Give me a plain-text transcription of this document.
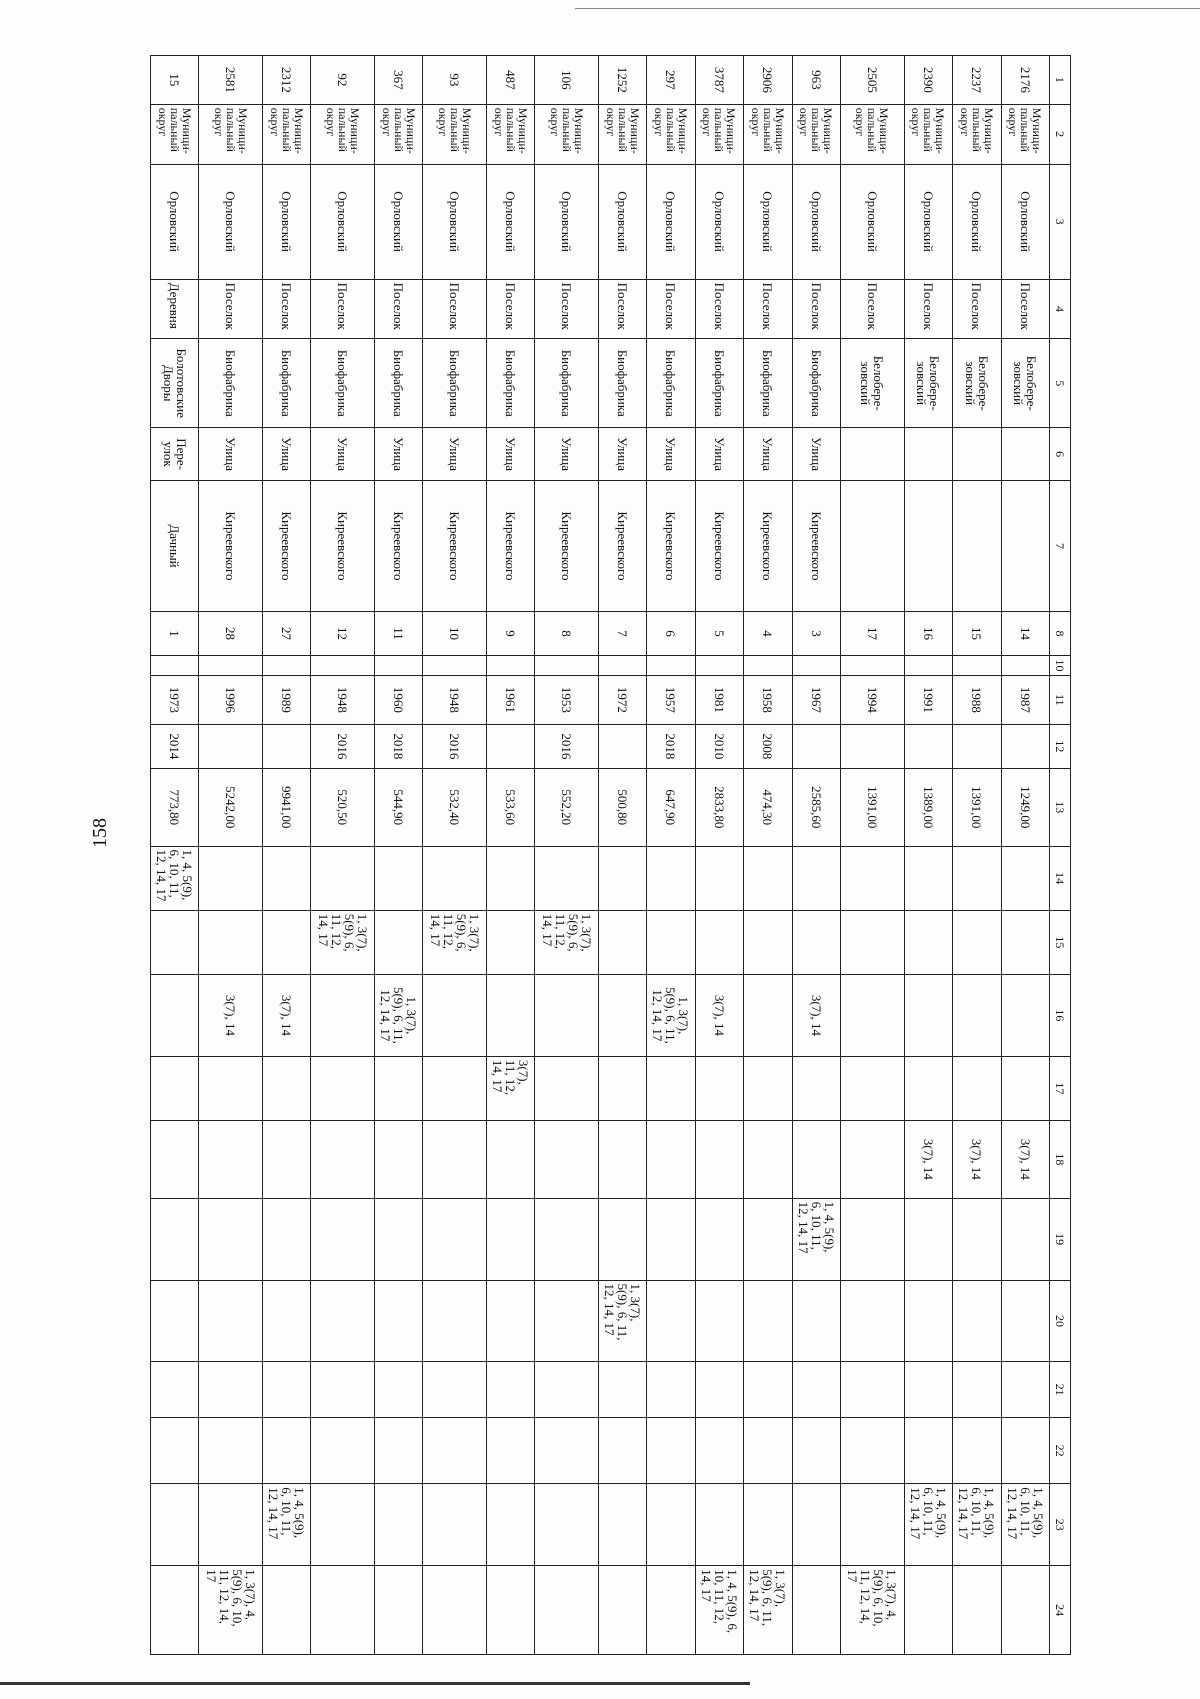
158
1	2	3	4	5	6	7	8	10	11	12	13	14	15	16	17	18	19	20	21	22	23	24
2176	Муници-
пальный
округ	Орловский	Поселок	Белобере-
зовский			14		1987		1249,00					3(7), 14					1, 4, 5(9),
6, 10, 11,
12, 14, 17	
2237	Муници-
пальный
округ	Орловский	Поселок	Белобере-
зовский			15		1988		1391,00					3(7), 14					1, 4, 5(9),
6, 10, 11,
12, 14, 17	
2390	Муници-
пальный
округ	Орловский	Поселок	Белобере-
зовский			16		1991		1389,00					3(7), 14					1, 4, 5(9),
6, 10, 11,
12, 14, 17	
2505	Муници-
пальный
округ	Орловский	Поселок	Белобере-
зовский			17		1994		1391,00											1, 3(7), 4,
5(9), 6, 10,
11, 12, 14,
17
963	Муници-
пальный
округ	Орловский	Поселок	Биофабрика	Улица	Киреевского	3		1967		2585,60			3(7), 14			1, 4, 5(9),
6, 10, 11,
12, 14, 17					
2906	Муници-
пальный
округ	Орловский	Поселок	Биофабрика	Улица	Киреевского	4		1958	2008	474,30											1, 3(7),
5(9), 6, 11,
12, 14, 17
3787	Муници-
пальный
округ	Орловский	Поселок	Биофабрика	Улица	Киреевского	5		1981	2010	2833,80			3(7), 14								1, 4, 5(9), 6,
10, 11, 12,
14, 17
297	Муници-
пальный
округ	Орловский	Поселок	Биофабрика	Улица	Киреевского	6		1957	2018	647,90			1, 3(7),
5(9), 6, 11,
12, 14, 17								
1252	Муници-
пальный
округ	Орловский	Поселок	Биофабрика	Улица	Киреевского	7		1972		500,80							1, 3(7),
5(9), 6, 11,
12, 14, 17				
106	Муници-
пальный
округ	Орловский	Поселок	Биофабрика	Улица	Киреевского	8		1953	2016	552,20		1, 3(7),
5(9), 6,
11, 12,
14, 17									
487	Муници-
пальный
округ	Орловский	Поселок	Биофабрика	Улица	Киреевского	9		1961		533,60				3(7),
11, 12,
14, 17							
93	Муници-
пальный
округ	Орловский	Поселок	Биофабрика	Улица	Киреевского	10		1948	2016	532,40		1, 3(7),
5(9), 6,
11, 12,
14, 17									
367	Муници-
пальный
округ	Орловский	Поселок	Биофабрика	Улица	Киреевского	11		1960	2018	544,90			1, 3(7),
5(9), 6, 11,
12, 14, 17								
92	Муници-
пальный
округ	Орловский	Поселок	Биофабрика	Улица	Киреевского	12		1948	2016	520,50		1, 3(7),
5(9), 6,
11, 12,
14, 17									
2312	Муници-
пальный
округ	Орловский	Поселок	Биофабрика	Улица	Киреевского	27		1989		9941,00			3(7), 14							1, 4, 5(9),
6, 10, 11,
12, 14, 17	
2581	Муници-
пальный
округ	Орловский	Поселок	Биофабрика	Улица	Киреевского	28		1996		5242,00			3(7), 14								1, 3(7), 4,
5(9), 6, 10,
11, 12, 14,
17
15	Муници-
пальный
округ	Орловский	Деревня	Болотовские
Дворы	Пере-
улок	Дачный	1		1973	2014	773,80	1, 4, 5(9),
6, 10, 11,
12, 14, 17										
